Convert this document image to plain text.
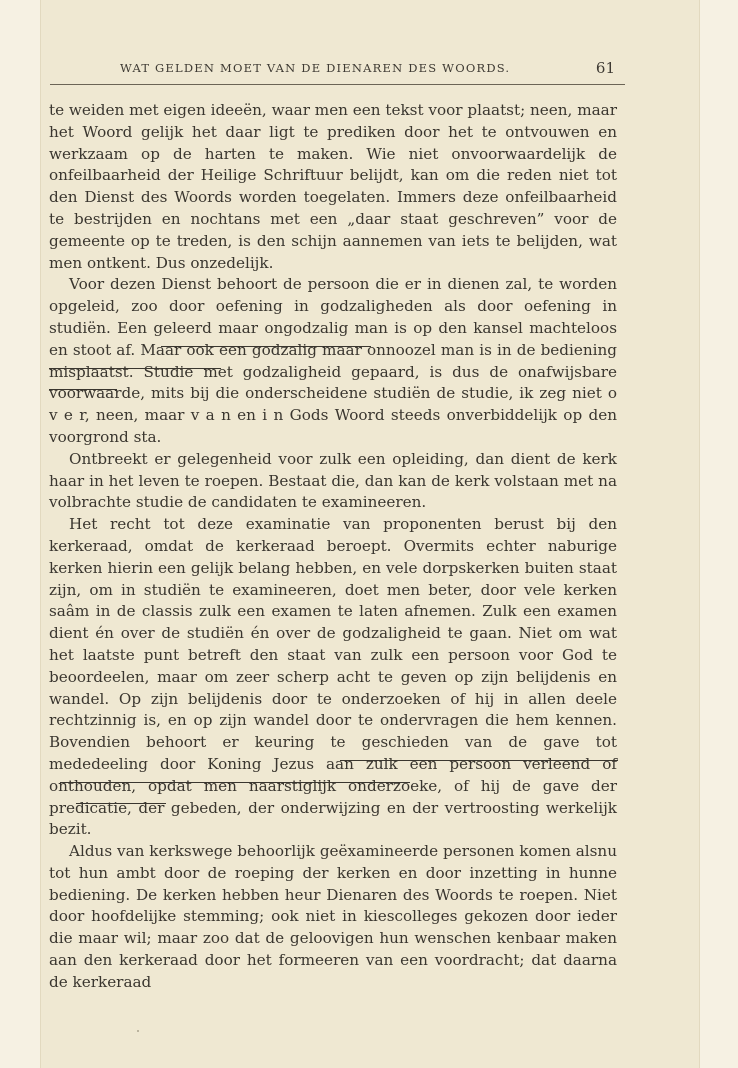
WAT GELDEN MOET VAN DE DIENAREN DES WOORDS.	61

te weiden met eigen ideeën, waar men een tekst voor plaatst; neen, maar het Woord gelijk het daar ligt te prediken door het te ontvouwen en werkzaam op de harten te maken. Wie niet onvoorwaardelijk de onfeilbaarheid der Heilige Schriftuur belijdt, kan om die reden niet tot den Dienst des Woords worden toegelaten. Immers deze onfeilbaarheid te bestrijden en nochtans met een „daar staat geschreven” voor de gemeente op te treden, is den schijn aannemen van iets te belijden, wat men ontkent. Dus onzedelijk.

Voor dezen Dienst behoort de persoon die er in dienen zal, te worden opgeleid, zoo door oefening in godzaligheden als door oefening in studiën. Een geleerd maar ongodzalig man is op den kansel machteloos en stoot af. Maar ook een godzalig maar onnoozel man is in de bediening misplaatst. Studie met godzaligheid gepaard, is dus de onafwijsbare voorwaarde, mits bij die onderscheidene studiën de studie, ik zeg niet o v e r, neen, maar v a n en i n Gods Woord steeds onverbiddelijk op den voorgrond sta.

Ontbreekt er gelegenheid voor zulk een opleiding, dan dient de kerk haar in het leven te roepen. Bestaat die, dan kan de kerk volstaan met na volbrachte studie de candidaten te examineeren.

Het recht tot deze examinatie van proponenten berust bij den kerkeraad, omdat de kerkeraad beroept. Overmits echter naburige kerken hierin een gelijk belang hebben, en vele dorpskerken buiten staat zijn, om in studiën te examineeren, doet men beter, door vele kerken saâm in de classis zulk een examen te laten afnemen. Zulk een examen dient én over de studiën én over de godzaligheid te gaan. Niet om wat het laatste punt betreft den staat van zulk een persoon voor God te beoordeelen, maar om zeer scherp acht te geven op zijn belijdenis en wandel. Op zijn belijdenis door te onderzoeken of hij in allen deele rechtzinnig is, en op zijn wandel door te ondervragen die hem kennen. Bovendien behoort er keuring te geschieden van de gave tot mededeeling door Koning Jezus aan zulk een persoon verleend of onthouden, opdat men naarstiglijk onderzoeke, of hij de gave der predicatie, der gebeden, der onderwijzing en der vertroosting werkelijk bezit.

Aldus van kerkswege behoorlijk geëxamineerde personen komen alsnu tot hun ambt door de roeping der kerken en door inzetting in hunne bediening. De kerken hebben heur Dienaren des Woords te roepen. Niet door hoofdelijke stemming; ook niet in kiescolleges gekozen door ieder die maar wil; maar zoo dat de geloovigen hun wenschen kenbaar maken aan den kerkeraad door het formeeren van een voordracht; dat daarna de kerkeraad
